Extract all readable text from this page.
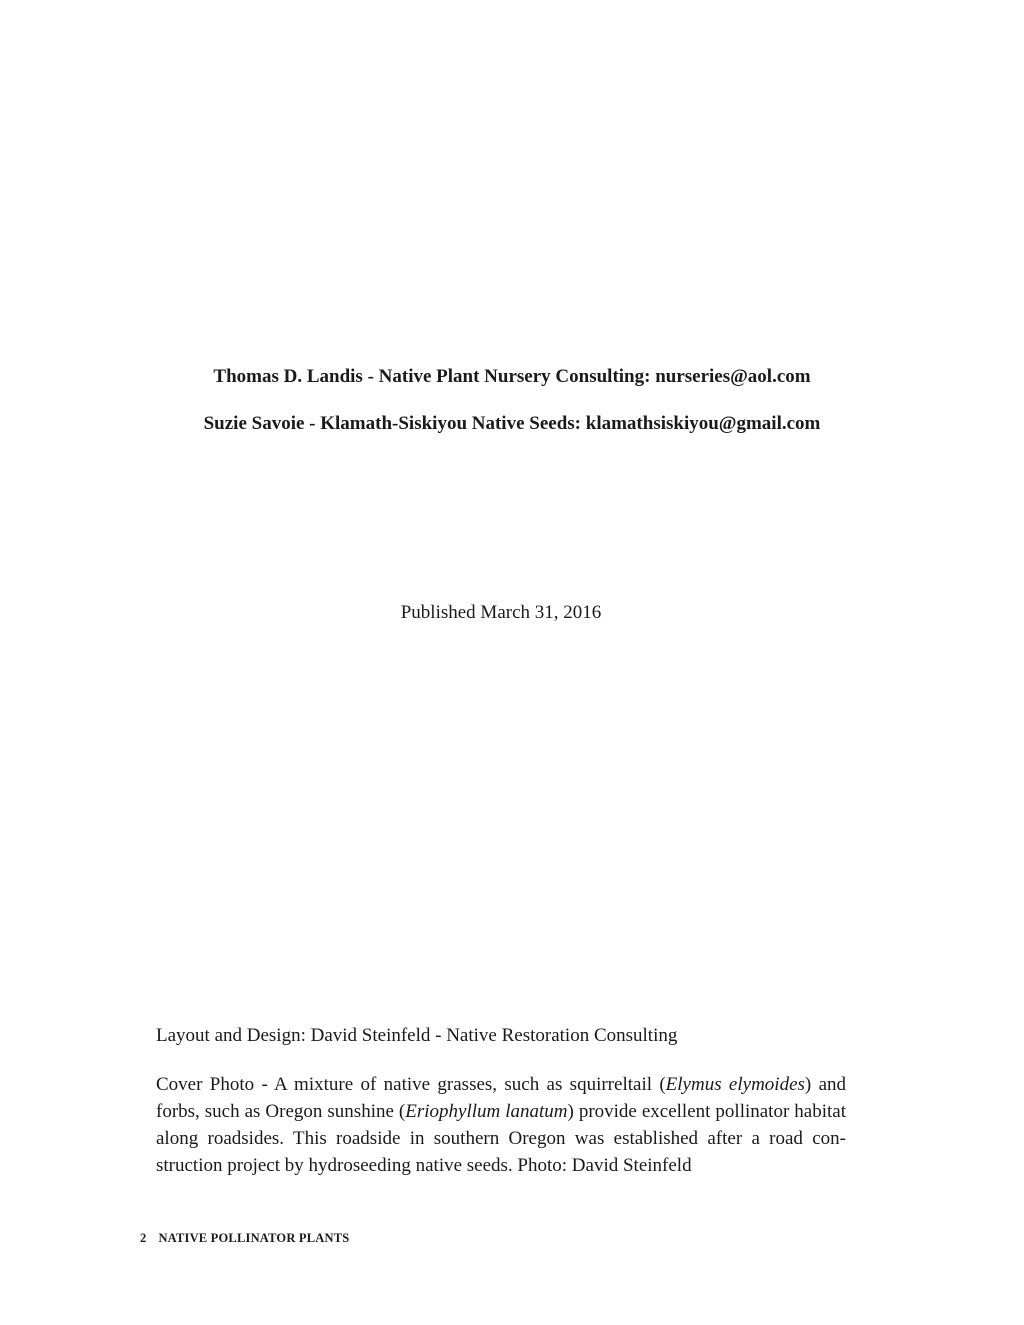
Thomas D. Landis - Native Plant Nursery Consulting: nurseries@aol.com
Suzie Savoie - Klamath-Siskiyou Native Seeds: klamathsiskiyou@gmail.com
Published March 31, 2016
Layout and Design: David Steinfeld - Native Restoration Consulting

Cover Photo - A mixture of native grasses, such as squirreltail (Elymus elymoides) and forbs, such as Oregon sunshine (Eriophyllum lanatum) provide excellent pollinator habitat along roadsides. This roadside in southern Oregon was established after a road con-struction project by hydroseeding native seeds. Photo: David Steinfeld

2 NATIVE POLLINATOR PLANTS
